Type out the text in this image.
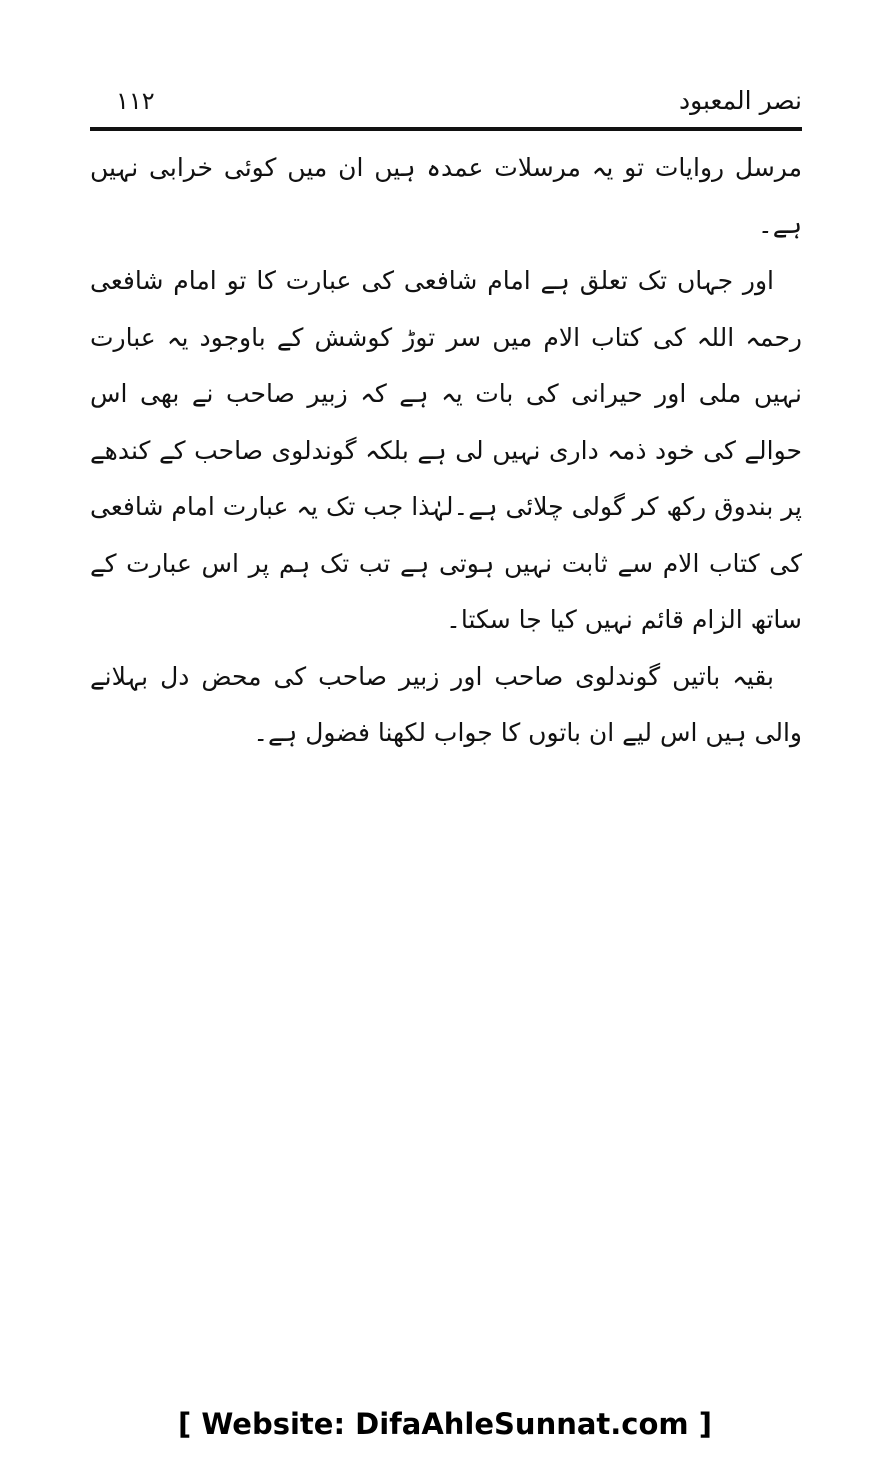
نصر المعبود
١١٢

مرسل روایات تو یہ مرسلات عمدہ ہیں ان میں کوئی خرابی نہیں ہے۔

اور جہاں تک تعلق ہے امام شافعی کی عبارت کا تو امام شافعی رحمہ اللہ کی کتاب الام میں سر توڑ کوشش کے باوجود یہ عبارت نہیں ملی اور حیرانی کی بات یہ ہے کہ زبیر صاحب نے بھی اس حوالے کی خود ذمہ داری نہیں لی ہے بلکہ گوندلوی صاحب کے کندھے پر بندوق رکھ کر گولی چلائی ہے۔لہٰذا جب تک یہ عبارت امام شافعی کی کتاب الام سے ثابت نہیں ہوتی ہے تب تک ہم پر اس عبارت کے ساتھ الزام قائم نہیں کیا جا سکتا۔

بقیہ باتیں گوندلوی صاحب اور زبیر صاحب کی محض دل بہلانے والی ہیں اس لیے ان باتوں کا جواب لکھنا فضول ہے۔

[ Website: DifaAhleSunnat.com ]
